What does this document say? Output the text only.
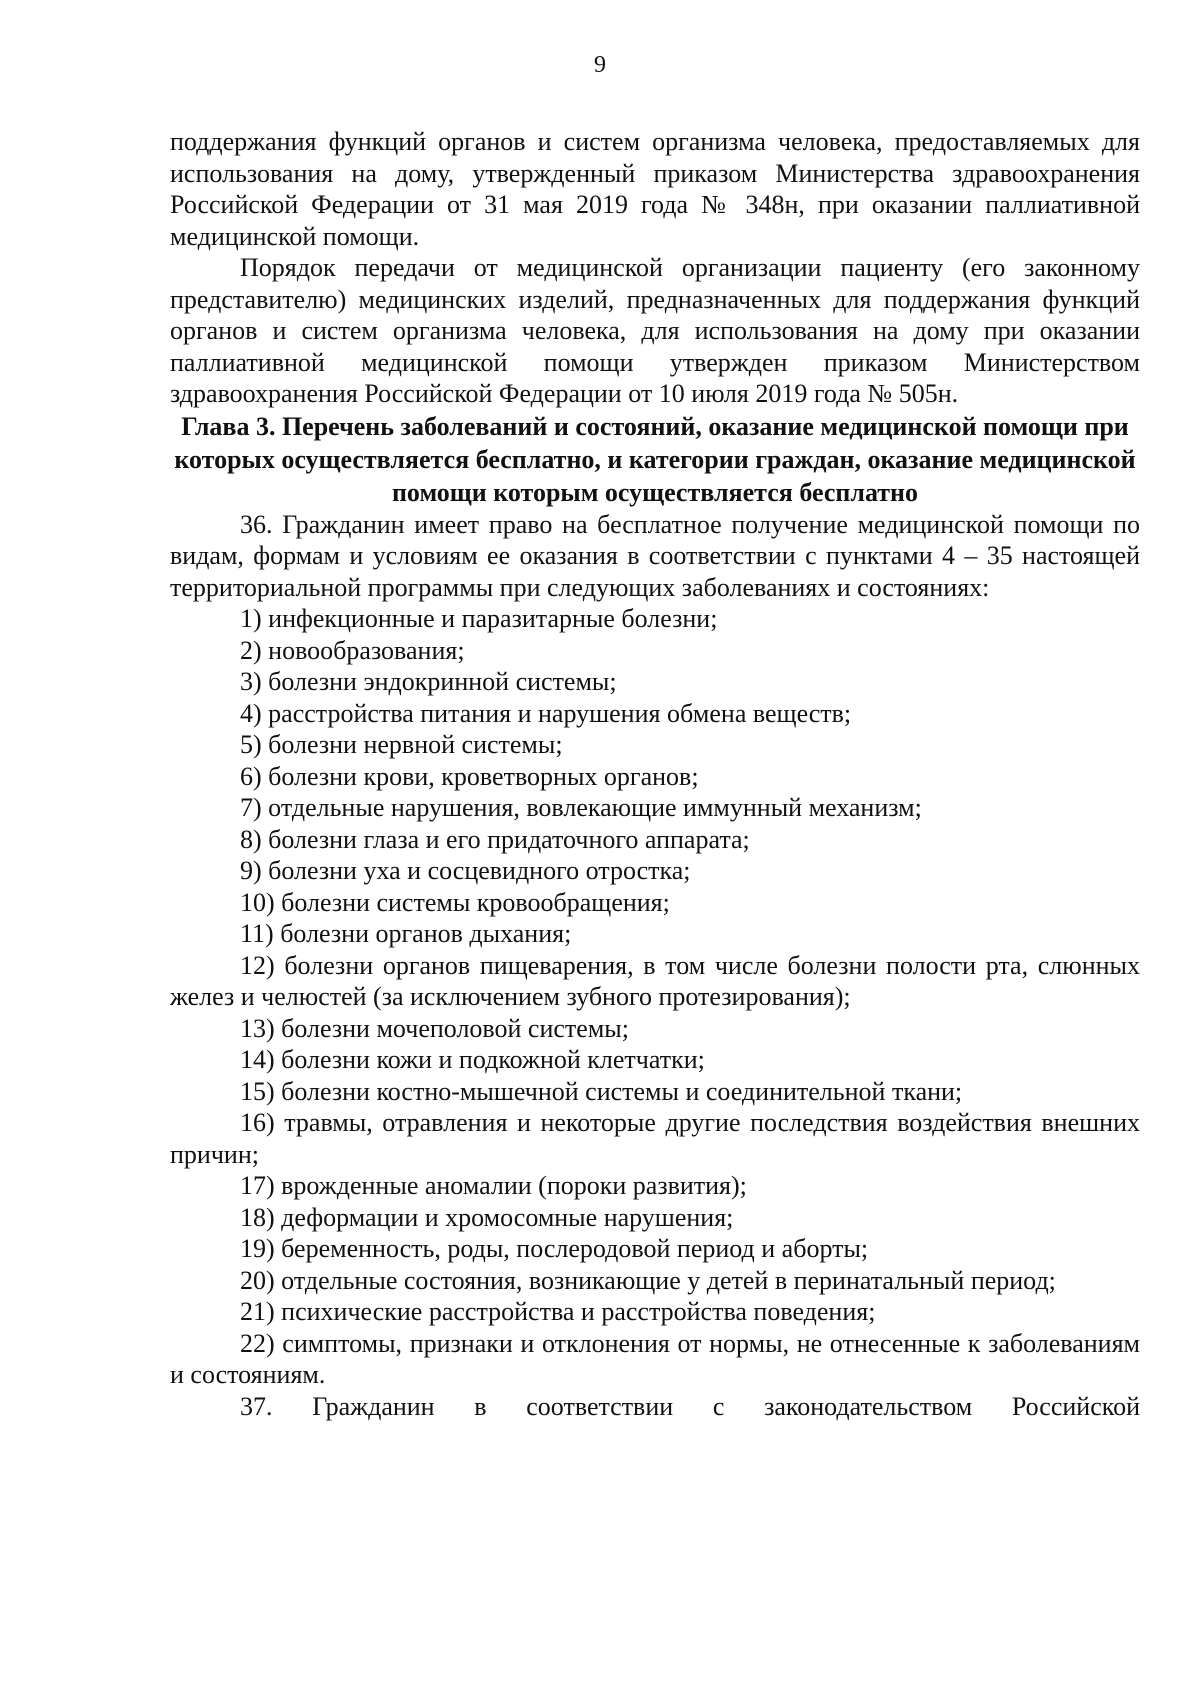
9

поддержания функций органов и систем организма человека, предоставляемых для использования на дому, утвержденный приказом Министерства здравоохранения Российской Федерации от 31 мая 2019 года № 348н, при оказании паллиативной медицинской помощи.

Порядок передачи от медицинской организации пациенту (его законному представителю) медицинских изделий, предназначенных для поддержания функций органов и систем организма человека, для использования на дому при оказании паллиативной медицинской помощи утвержден приказом Министерством здравоохранения Российской Федерации от 10 июля 2019 года № 505н.

Глава 3. Перечень заболеваний и состояний, оказание медицинской помощи при которых осуществляется бесплатно, и категории граждан, оказание медицинской помощи которым осуществляется бесплатно

36. Гражданин имеет право на бесплатное получение медицинской помощи по видам, формам и условиям ее оказания в соответствии с пунктами 4 – 35 настоящей территориальной программы при следующих заболеваниях и состояниях:

1) инфекционные и паразитарные болезни;

2) новообразования;

3) болезни эндокринной системы;

4) расстройства питания и нарушения обмена веществ;

5) болезни нервной системы;

6) болезни крови, кроветворных органов;

7) отдельные нарушения, вовлекающие иммунный механизм;

8) болезни глаза и его придаточного аппарата;

9) болезни уха и сосцевидного отростка;

10) болезни системы кровообращения;

11) болезни органов дыхания;

12) болезни органов пищеварения, в том числе болезни полости рта, слюнных желез и челюстей (за исключением зубного протезирования);

13) болезни мочеполовой системы;

14) болезни кожи и подкожной клетчатки;

15) болезни костно-мышечной системы и соединительной ткани;

16) травмы, отравления и некоторые другие последствия воздействия внешних причин;

17) врожденные аномалии (пороки развития);

18) деформации и хромосомные нарушения;

19) беременность, роды, послеродовой период и аборты;

20) отдельные состояния, возникающие у детей в перинатальный период;

21) психические расстройства и расстройства поведения;

22) симптомы, признаки и отклонения от нормы, не отнесенные к заболеваниям и состояниям.

37. Гражданин в соответствии с законодательством Российской
